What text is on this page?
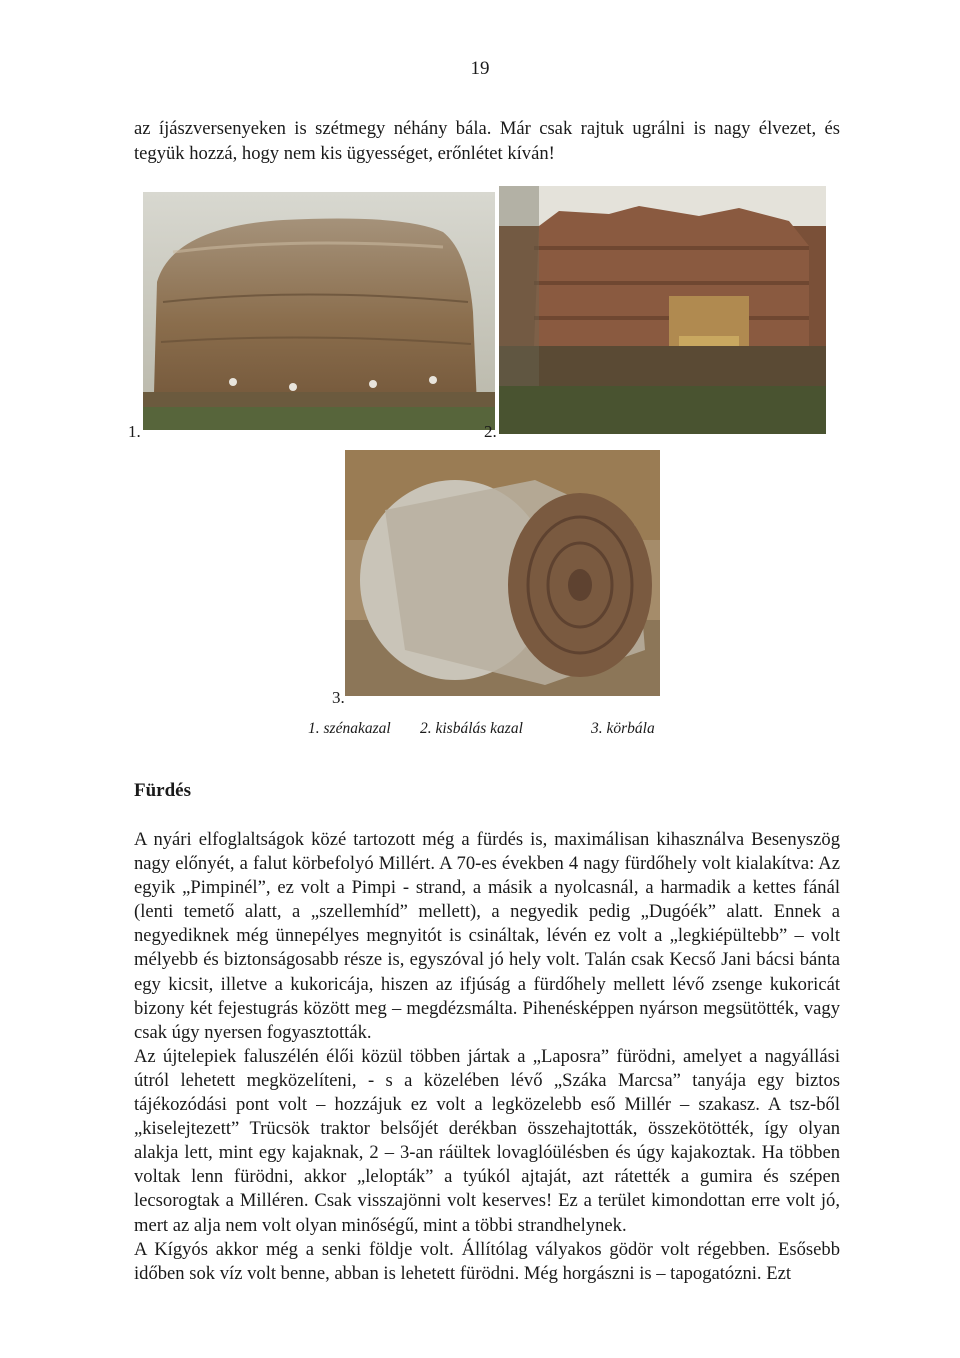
19
az íjászversenyeken is szétmegy néhány bála. Már csak rajtuk ugrálni is nagy élvezet, és tegyük hozzá, hogy nem kis ügyességet, erőnlétet kíván!
1.	2.
3.
1. szénakazal 2. kisbálás kazal	3. körbála
Fürdés

A nyári elfoglaltságok közé tartozott még a fürdés is, maximálisan kihasználva Besenyszög nagy előnyét, a falut körbefolyó Millért. A 70-es években 4 nagy fürdőhely volt kialakítva: Az egyik „Pimpinél”, ez volt a Pimpi - strand, a másik a nyolcasnál, a harmadik a kettes fánál (lenti temető alatt, a „szellemhíd” mellett), a negyedik pedig „Dugóék” alatt. Ennek a negyediknek még ünnepélyes megnyitót is csináltak, lévén ez volt a „legkiépültebb” – volt mélyebb és biztonságosabb része is, egyszóval jó hely volt. Talán csak Kecső Jani bácsi bánta egy kicsit, illetve a kukoricája, hiszen az ifjúság a fürdőhely mellett lévő zsenge kukoricát bizony két fejestugrás között meg – megdézsmálta. Pihenésképpen nyárson megsütötték, vagy csak úgy nyersen fogyasztották.

Az újtelepiek faluszélén élői közül többen jártak a „Laposra” fürödni, amelyet a nagyállási útról lehetett megközelíteni, - s a közelében lévő „Száka Marcsa” tanyája egy biztos tájékozódási pont volt – hozzájuk ez volt a legközelebb eső Millér – szakasz. A tsz-ből „kiselejtezett” Trücsök traktor belsőjét derékban összehajtották, összekötötték, így olyan alakja lett, mint egy kajaknak, 2 – 3-an ráültek lovaglóülésben és úgy kajakoztak. Ha többen voltak lenn fürödni, akkor „lelopták” a tyúkól ajtaját, azt rátették a gumira és szépen lecsorogtak a Milléren. Csak visszajönni volt keserves! Ez a terület kimondottan erre volt jó, mert az alja nem volt olyan minőségű, mint a többi strandhelynek.

A Kígyós akkor még a senki földje volt. Állítólag vályakos gödör volt régebben. Esősebb időben sok víz volt benne, abban is lehetett fürödni. Még horgászni is – tapogatózni. Ezt
